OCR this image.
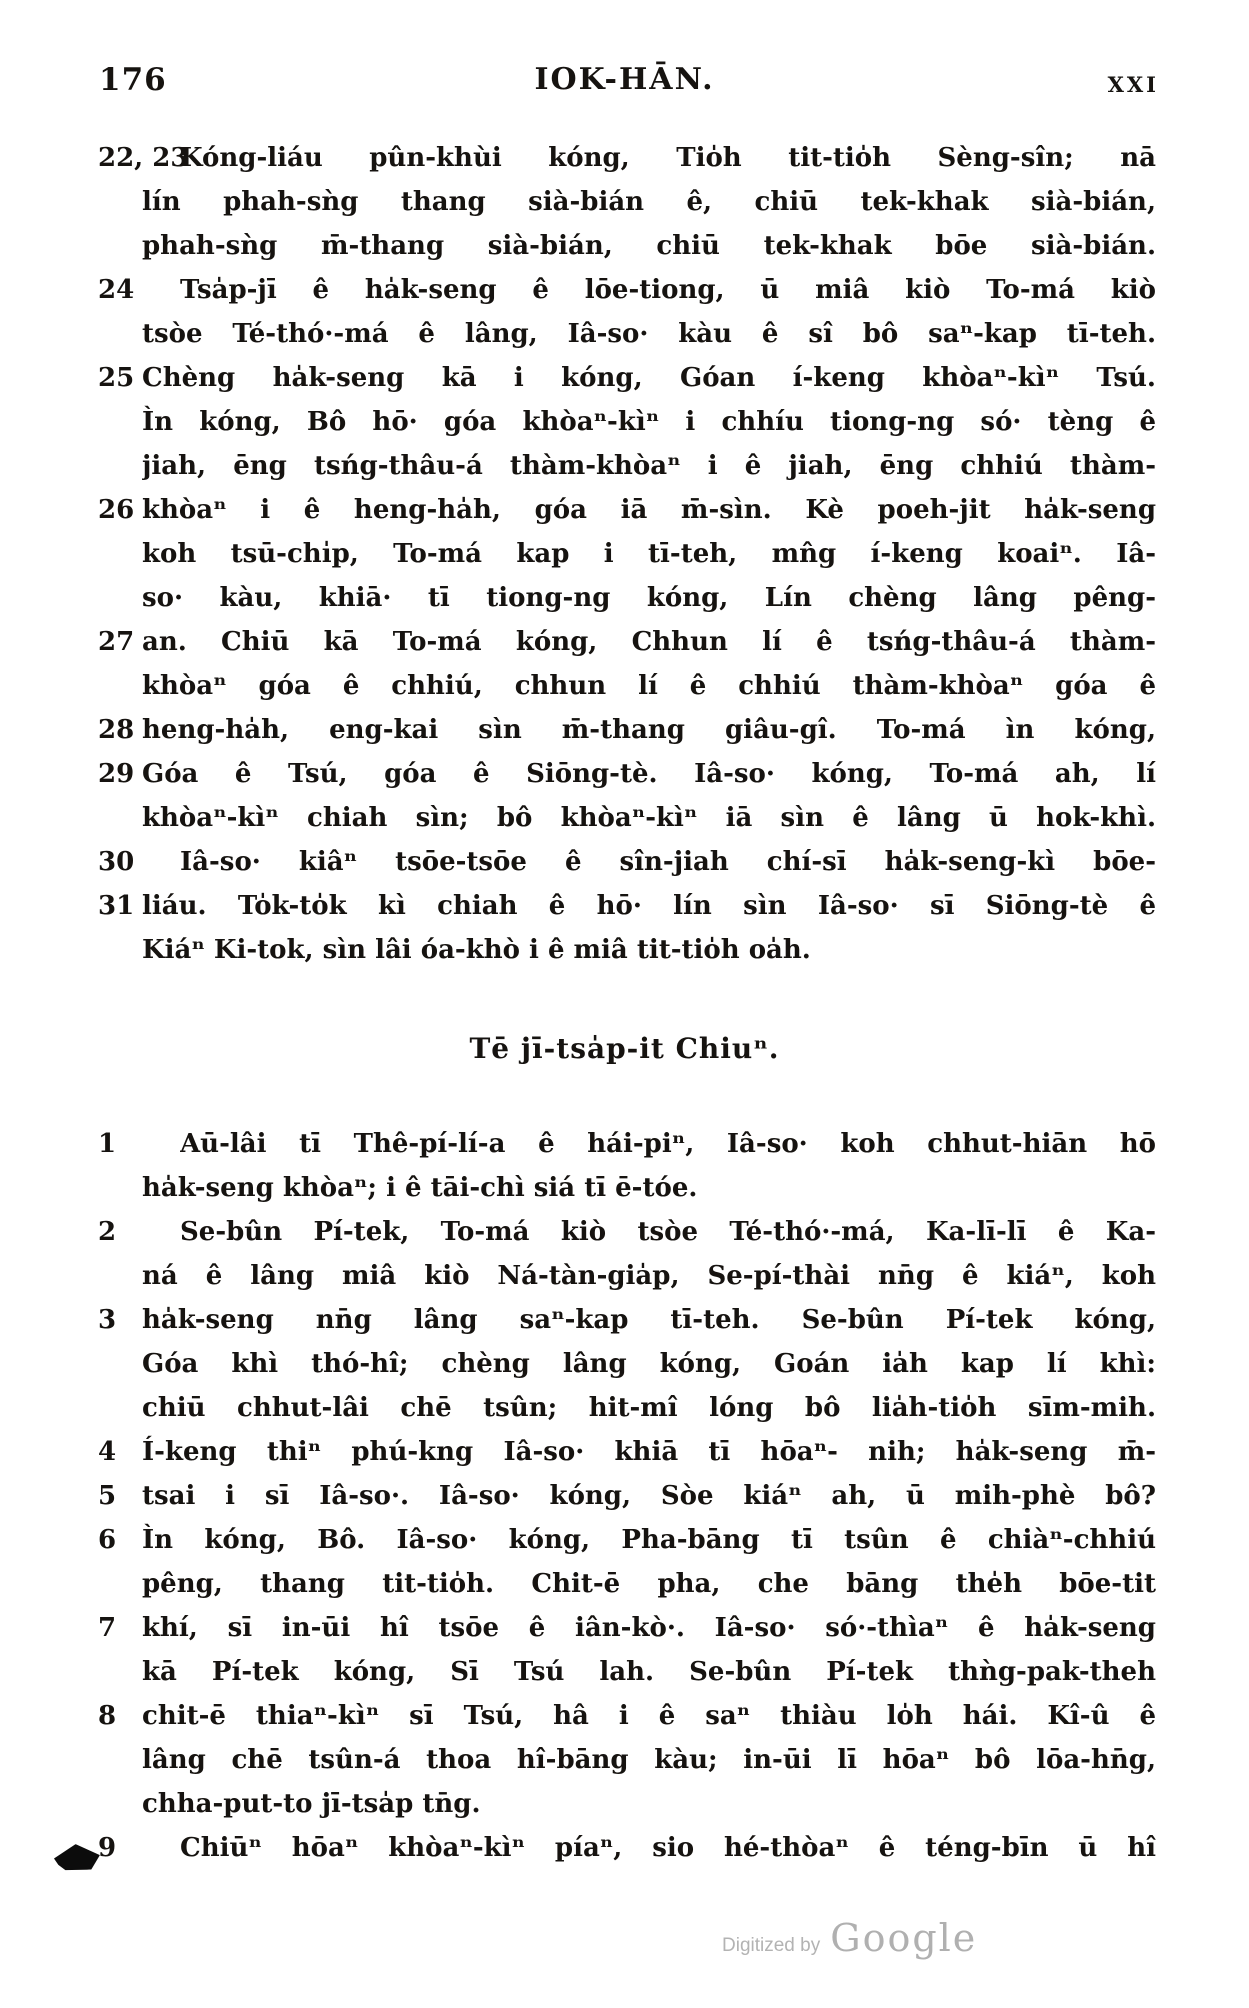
176	IOK-HĀN.	XXI
22, 23
Kóng-liáu pûn-khùi kóng, Tio̍h tit-tio̍h Sèng-sîn; nā
lín phah-sǹg thang sià-bián ê, chiū tek-khak sià-bián,
phah-sǹg m̄-thang sià-bián, chiū tek-khak bōe sià-bián.
24 Tsa̍p-jī ê ha̍k-seng ê lōe-tiong, ū miâ kiò To-má kiò
tsòe Té-thó·-má ê lâng, Iâ-so· kàu ê sî bô saⁿ-kap tī-teh.
25 Chèng ha̍k-seng kā i kóng, Góan í-keng khòaⁿ-kìⁿ Tsú.
Ìn kóng, Bô hō· góa khòaⁿ-kìⁿ i chhíu tiong-ng só· tèng ê
jiah, ēng tsńg-thâu-á thàm-khòaⁿ i ê jiah, ēng chhiú thàm-
26 khòaⁿ i ê heng-ha̍h, góa iā m̄-sìn. Kè poeh-jit ha̍k-seng
koh tsū-chi̍p, To-má kap i tī-teh, mn̂g í-keng koaiⁿ. Iâ-
so· kàu, khiā· tī tiong-ng kóng, Lín chèng lâng pêng-
27 an. Chiū kā To-má kóng, Chhun lí ê tsńg-thâu-á thàm-
khòaⁿ góa ê chhiú, chhun lí ê chhiú thàm-khòaⁿ góa ê
28 heng-ha̍h, eng-kai sìn m̄-thang giâu-gî. To-má ìn kóng,
29 Góa ê Tsú, góa ê Siōng-tè. Iâ-so· kóng, To-má ah, lí
khòaⁿ-kìⁿ chiah sìn; bô khòaⁿ-kìⁿ iā sìn ê lâng ū hok-khì.
30 Iâ-so· kiâⁿ tsōe-tsōe ê sîn-jiah chí-sī ha̍k-seng-kì bōe-
31 liáu. To̍k-to̍k kì chiah ê hō· lín sìn Iâ-so· sī Siōng-tè ê
Kiáⁿ Ki-tok, sìn lâi óa-khò i ê miâ tit-tio̍h oa̍h.
Tē jī-tsa̍p-it Chiuⁿ.
1 Aū-lâi tī Thê-pí-lí-a ê hái-piⁿ, Iâ-so· koh chhut-hiān hō
ha̍k-seng khòaⁿ; i ê tāi-chì siá tī ē-tóe.
2 Se-bûn Pí-tek, To-má kiò tsòe Té-thó·-má, Ka-lī-lī ê Ka-
ná ê lâng miâ kiò Ná-tàn-gia̍p, Se-pí-thài nn̄g ê kiáⁿ, koh
3 ha̍k-seng nn̄g lâng saⁿ-kap tī-teh. Se-bûn Pí-tek kóng,
Góa khì thó-hî; chèng lâng kóng, Goán ia̍h kap lí khì:
chiū chhut-lâi chē tsûn; hit-mî lóng bô lia̍h-tio̍h sīm-mih.
4 Í-keng thiⁿ phú-kng Iâ-so· khiā tī hōaⁿ- nih; ha̍k-seng m̄-
5 tsai i sī Iâ-so·. Iâ-so· kóng, Sòe kiáⁿ ah, ū mih-phè bô?
6 Ìn kóng, Bô. Iâ-so· kóng, Pha-bāng tī tsûn ê chiàⁿ-chhiú
pêng, thang tit-tio̍h. Chit-ē pha, che bāng the̍h bōe-tit
7 khí, sī in-ūi hî tsōe ê iân-kò·. Iâ-so· só·-thìaⁿ ê ha̍k-seng
kā Pí-tek kóng, Sī Tsú lah. Se-bûn Pí-tek thǹg-pak-theh
8 chit-ē thiaⁿ-kìⁿ sī Tsú, hâ i ê saⁿ thiàu lo̍h hái. Kî-û ê
lâng chē tsûn-á thoa hî-bāng kàu; in-ūi lī hōaⁿ bô lōa-hn̄g,
chha-put-to jī-tsa̍p tn̄g.
9 Chiūⁿ hōaⁿ khòaⁿ-kìⁿ píaⁿ, sio hé-thòaⁿ ê téng-bīn ū hî
Digitized by Google
